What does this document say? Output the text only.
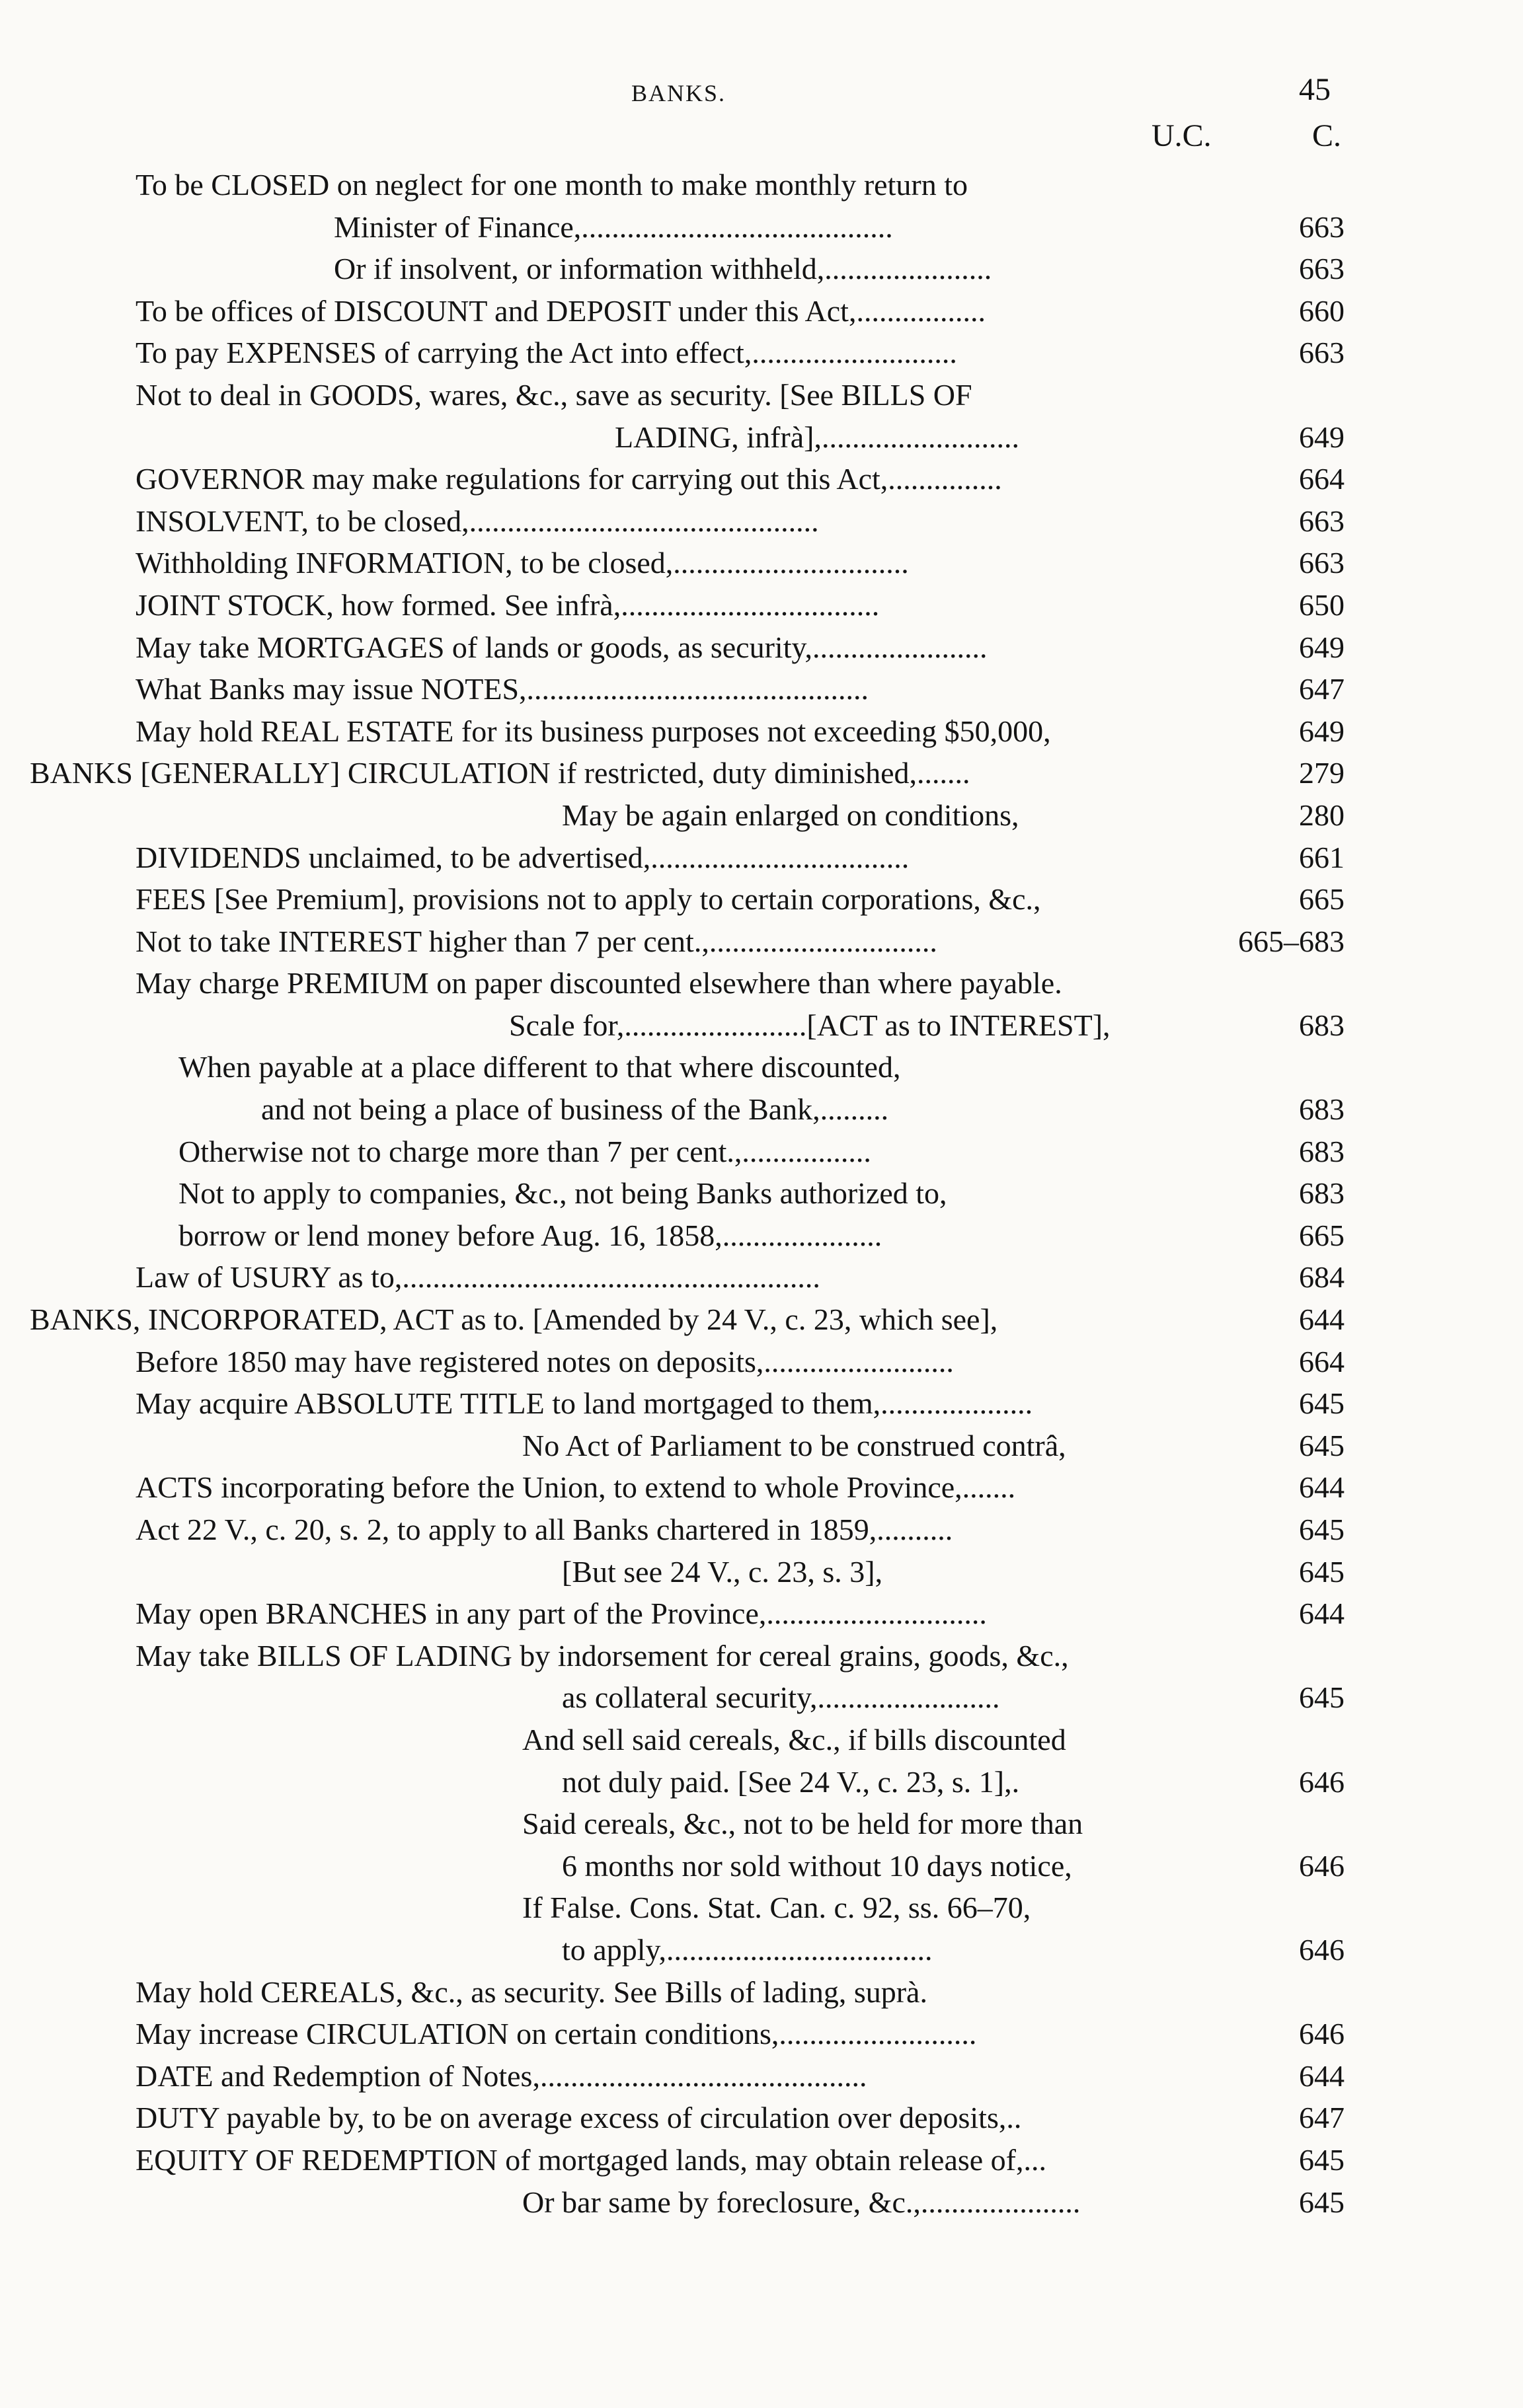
BANKS.	45
U.C.	C.
To be CLOSED on neglect for one month to make monthly return to
Minister of Finance,.........................................	663
Or if insolvent, or information withheld,......................	663
To be offices of DISCOUNT and DEPOSIT under this Act,.................	660
To pay EXPENSES of carrying the Act into effect,...........................	663
Not to deal in GOODS, wares, &c., save as security. [See BILLS OF
LADING, infrà],..........................	649
GOVERNOR may make regulations for carrying out this Act,...............	664
INSOLVENT, to be closed,..............................................	663
Withholding INFORMATION, to be closed,...............................	663
JOINT STOCK, how formed. See infrà,..................................	650
May take MORTGAGES of lands or goods, as security,.......................	649
What Banks may issue NOTES,.............................................	647
May hold REAL ESTATE for its business purposes not exceeding $50,000,	649
BANKS [GENERALLY] CIRCULATION if restricted, duty diminished,.......	279
May be again enlarged on conditions,	280
DIVIDENDS unclaimed, to be advertised,..................................	661
FEES [See Premium], provisions not to apply to certain corporations, &c.,	665
Not to take INTEREST higher than 7 per cent.,..............................	665–683
May charge PREMIUM on paper discounted elsewhere than where payable.
Scale for,........................[ACT as to INTEREST],	683
When payable at a place different to that where discounted,
and not being a place of business of the Bank,.........	683
Otherwise not to charge more than 7 per cent.,.................	683
Not to apply to companies, &c., not being Banks authorized to,	683
borrow or lend money before Aug. 16, 1858,.....................	665
Law of USURY as to,.......................................................	684
BANKS, INCORPORATED, ACT as to. [Amended by 24 V., c. 23, which see],	644
Before 1850 may have registered notes on deposits,.........................	664
May acquire ABSOLUTE TITLE to land mortgaged to them,....................	645
No Act of Parliament to be construed contrâ,	645
ACTS incorporating before the Union, to extend to whole Province,.......	644
Act 22 V., c. 20, s. 2, to apply to all Banks chartered in 1859,..........	645
[But see 24 V., c. 23, s. 3],	645
May open BRANCHES in any part of the Province,.............................	644
May take BILLS OF LADING by indorsement for cereal grains, goods, &c.,
as collateral security,........................	645
And sell said cereals, &c., if bills discounted
not duly paid. [See 24 V., c. 23, s. 1],.	646
Said cereals, &c., not to be held for more than
6 months nor sold without 10 days notice,	646
If False. Cons. Stat. Can. c. 92, ss. 66–70,
to apply,...................................	646
May hold CEREALS, &c., as security. See Bills of lading, suprà.
May increase CIRCULATION on certain conditions,..........................	646
DATE and Redemption of Notes,...........................................	644
DUTY payable by, to be on average excess of circulation over deposits,..	647
EQUITY OF REDEMPTION of mortgaged lands, may obtain release of,...	645
Or bar same by foreclosure, &c.,.....................	645
